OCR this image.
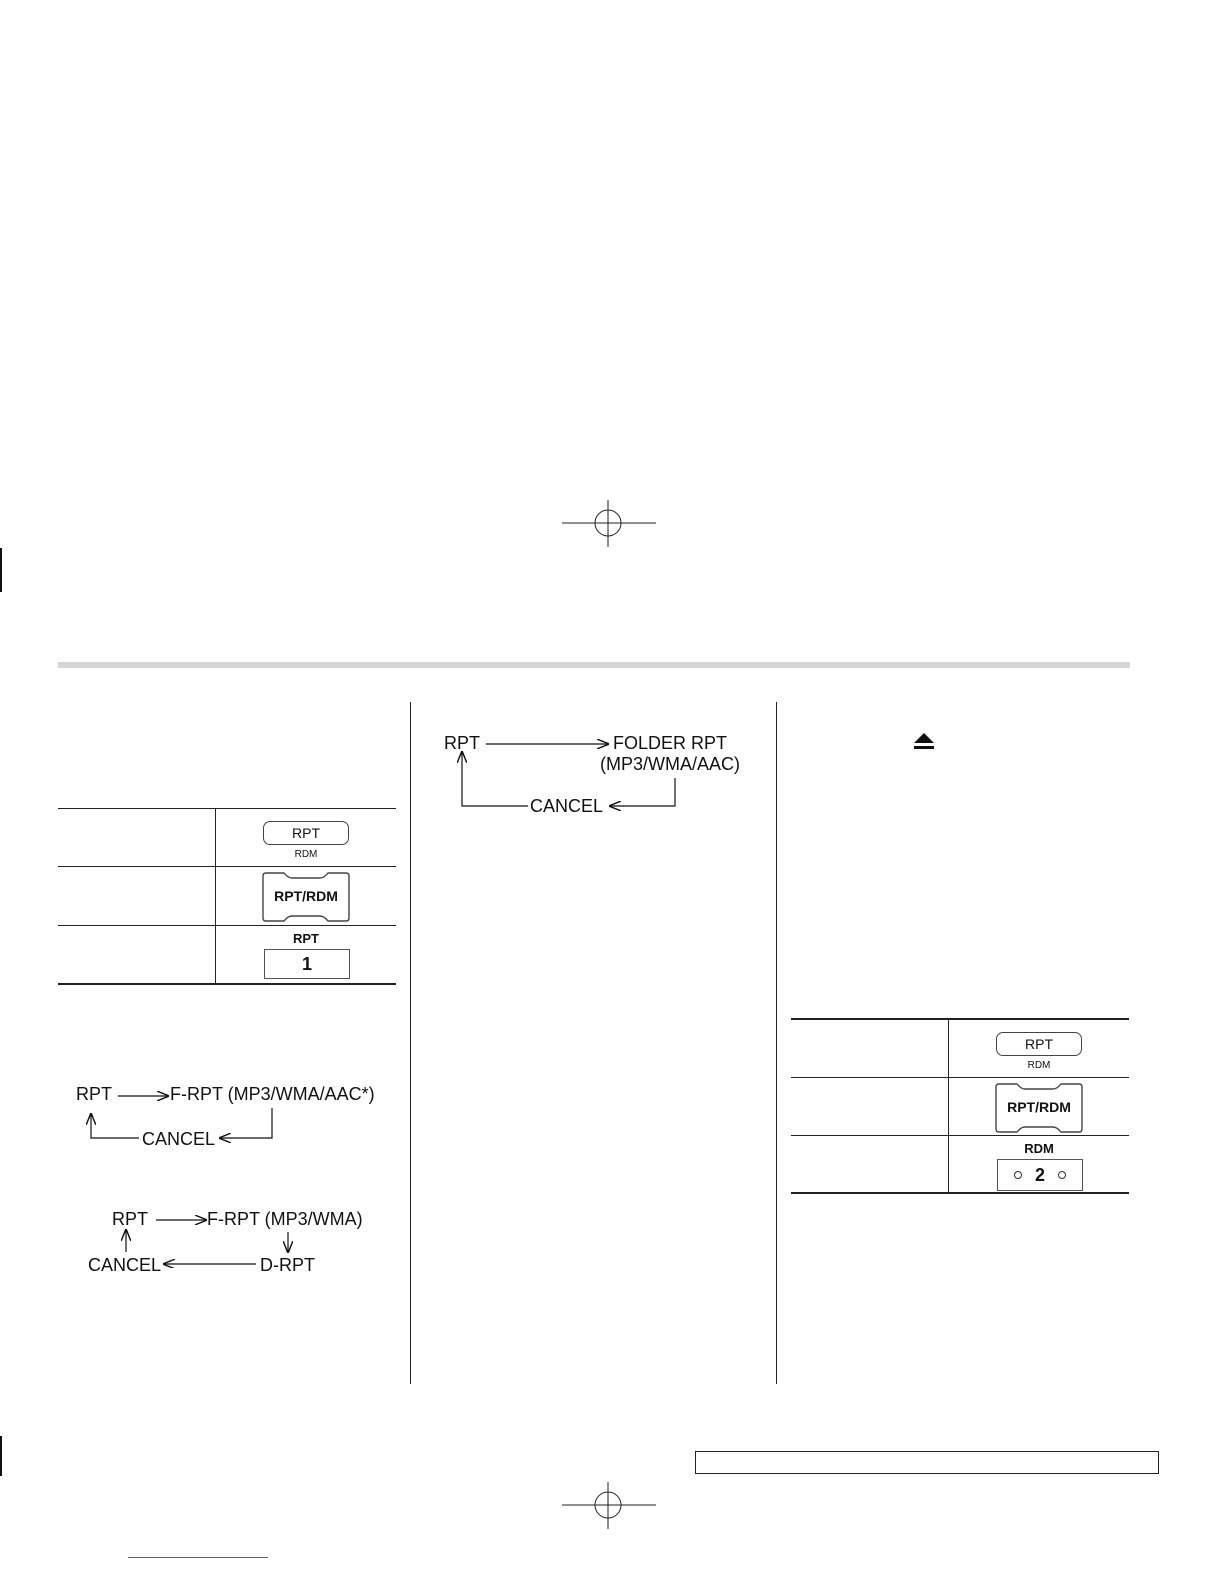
RPT
RDM
RPT/RDM
RPT
1
RPT	F-RPT (MP3/WMA/AAC*)
CANCEL
RPT	F-RPT (MP3/WMA)
D-RPT
CANCEL
RPT	FOLDER RPT
(MP3/WMA/AAC)
CANCEL
RPT
RDM
RPT/RDM
RDM
2
